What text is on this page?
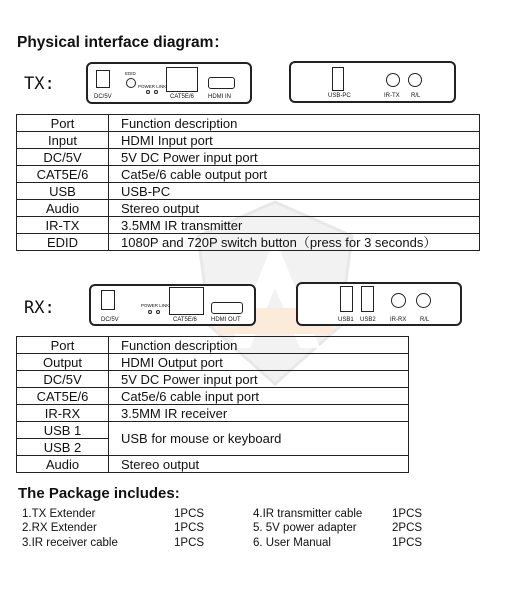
Physical interface diagram：
TX:
DC/5V
EDID
POWER LINK
CAT5E/6 HDMI IN	USB-PC	IR-TX R/L
Port	Function description
Input	HDMI Input port
DC/5V	5V DC Power input port
CAT5E/6	Cat5e/6 cable output port
USB	USB-PC
Audio	Stereo output
IR-TX	3.5MM IR transmitter
EDID	1080P and 720P switch button（press for 3 seconds）
RX:
DC/5V
POWER LINK
CAT5E/6 HDMI OUT	USB1 USB2 IR-RX R/L
Port	Function description
Output	HDMI Output port
DC/5V	5V DC Power input port
CAT5E/6	Cat5e/6 cable input port
IR-RX	3.5MM IR receiver
USB 1	USB for mouse or keyboard
USB 2	
Audio	Stereo output
The Package includes:
1.TX Extender	1PCS
2.RX Extender	1PCS
3.IR receiver cable	1PCS
4.IR transmitter cable	1PCS
5. 5V power adapter	2PCS
6. User Manual	1PCS
